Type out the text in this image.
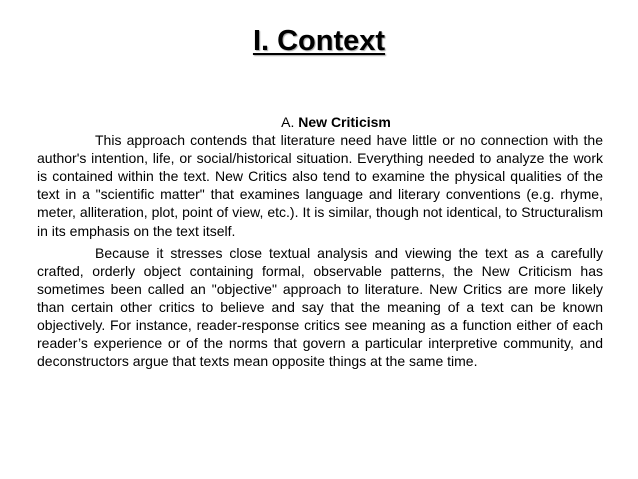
I. Context

A. New Criticism

This approach contends that literature need have little or no connection with the author's intention, life, or social/historical situation. Everything needed to analyze the work is contained within the text. New Critics also tend to examine the physical qualities of the text in a "scientific matter" that examines language and literary conventions (e.g. rhyme, meter, alliteration, plot, point of view, etc.). It is similar, though not identical, to Structuralism in its emphasis on the text itself.

Because it stresses close textual analysis and viewing the text as a carefully crafted, orderly object containing formal, observable patterns, the New Criticism has sometimes been called an "objective" approach to literature. New Critics are more likely than certain other critics to believe and say that the meaning of a text can be known objectively. For instance, reader-response critics see meaning as a function either of each reader’s experience or of the norms that govern a particular interpretive community, and deconstructors argue that texts mean opposite things at the same time.
